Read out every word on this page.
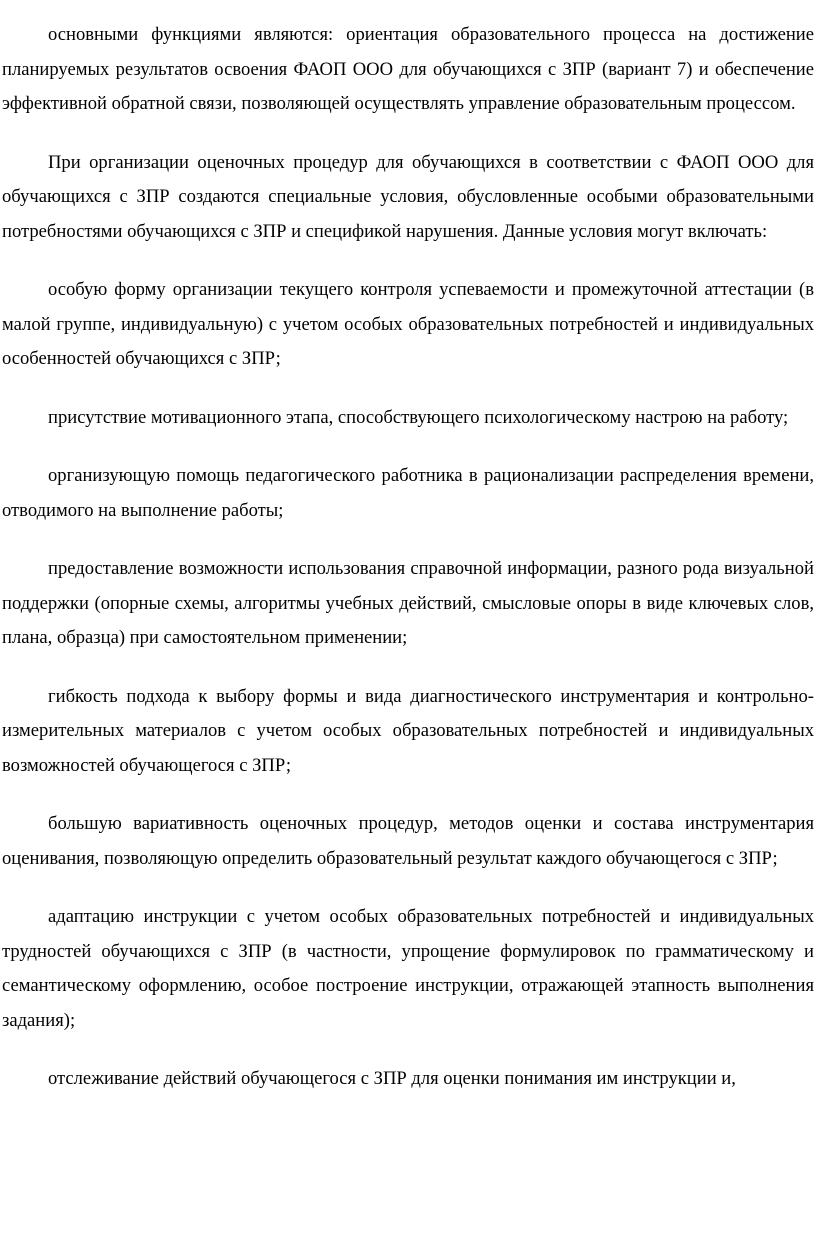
основными функциями являются: ориентация образовательного процесса на достижение планируемых результатов освоения ФАОП ООО для обучающихся с ЗПР (вариант 7) и обеспечение эффективной обратной связи, позволяющей осуществлять управление образовательным процессом.

При организации оценочных процедур для обучающихся в соответствии с ФАОП ООО для обучающихся с ЗПР создаются специальные условия, обусловленные особыми образовательными потребностями обучающихся с ЗПР и спецификой нарушения. Данные условия могут включать:

особую форму организации текущего контроля успеваемости и промежуточной аттестации (в малой группе, индивидуальную) с учетом особых образовательных потребностей и индивидуальных особенностей обучающихся с ЗПР;

присутствие мотивационного этапа, способствующего психологическому настрою на работу;

организующую помощь педагогического работника в рационализации распределения времени, отводимого на выполнение работы;

предоставление возможности использования справочной информации, разного рода визуальной поддержки (опорные схемы, алгоритмы учебных действий, смысловые опоры в виде ключевых слов, плана, образца) при самостоятельном применении;

гибкость подхода к выбору формы и вида диагностического инструментария и контрольно-измерительных материалов с учетом особых образовательных потребностей и индивидуальных возможностей обучающегося с ЗПР;

большую вариативность оценочных процедур, методов оценки и состава инструментария оценивания, позволяющую определить образовательный результат каждого обучающегося с ЗПР;

адаптацию инструкции с учетом особых образовательных потребностей и индивидуальных трудностей обучающихся с ЗПР (в частности, упрощение формулировок по грамматическому и семантическому оформлению, особое построение инструкции, отражающей этапность выполнения задания);

отслеживание действий обучающегося с ЗПР для оценки понимания им инструкции и,
